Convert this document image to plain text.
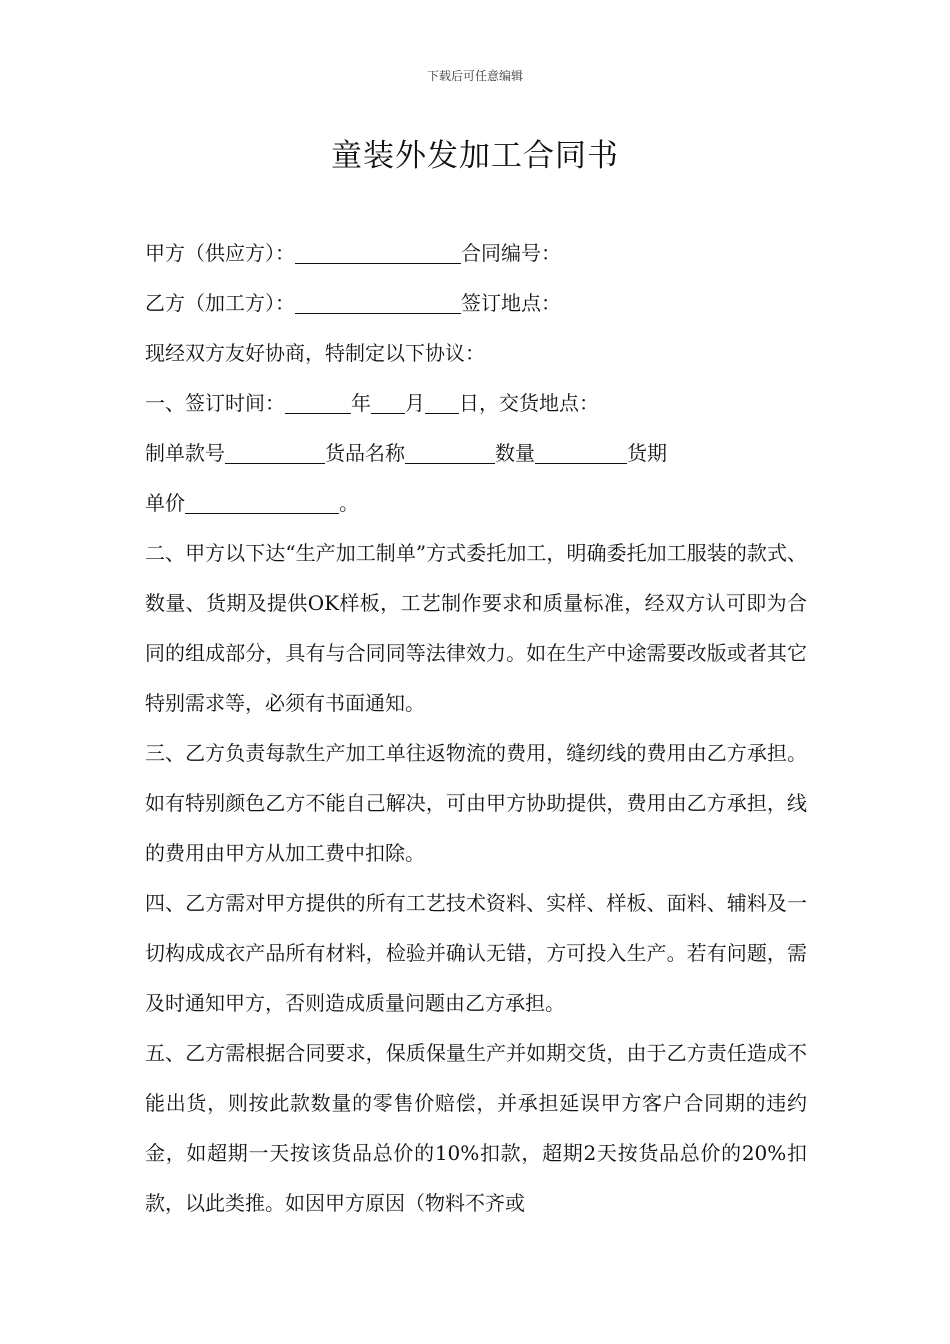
下载后可任意编辑
童装外发加工合同书
甲方（供应方）：	合同编号：
乙方（加工方）：	签订地点：
现经双方友好协商，特制定以下协议：
一、签订时间：	年 月 日，交货地点：
制单款号	货品名称	数量	货期
单价	。
二、甲方以下达“生产加工制单”方式委托加工，明确委托加工服装的款式、数量、货期及提供OK样板，工艺制作要求和质量标准，经双方认可即为合同的组成部分，具有与合同同等法律效力。如在生产中途需要改版或者其它特别需求等，必须有书面通知。
三、乙方负责每款生产加工单往返物流的费用，缝纫线的费用由乙方承担。如有特别颜色乙方不能自己解决，可由甲方协助提供，费用由乙方承担，线的费用由甲方从加工费中扣除。
四、乙方需对甲方提供的所有工艺技术资料、实样、样板、面料、辅料及一切构成成衣产品所有材料，检验并确认无错，方可投入生产。若有问题，需及时通知甲方，否则造成质量问题由乙方承担。
五、乙方需根据合同要求，保质保量生产并如期交货，由于乙方责任造成不能出货，则按此款数量的零售价赔偿，并承担延误甲方客户合同期的违约金，如超期一天按该货品总价的10%扣款，超期2天按货品总价的20%扣款，以此类推。如因甲方原因（物料不齐或
